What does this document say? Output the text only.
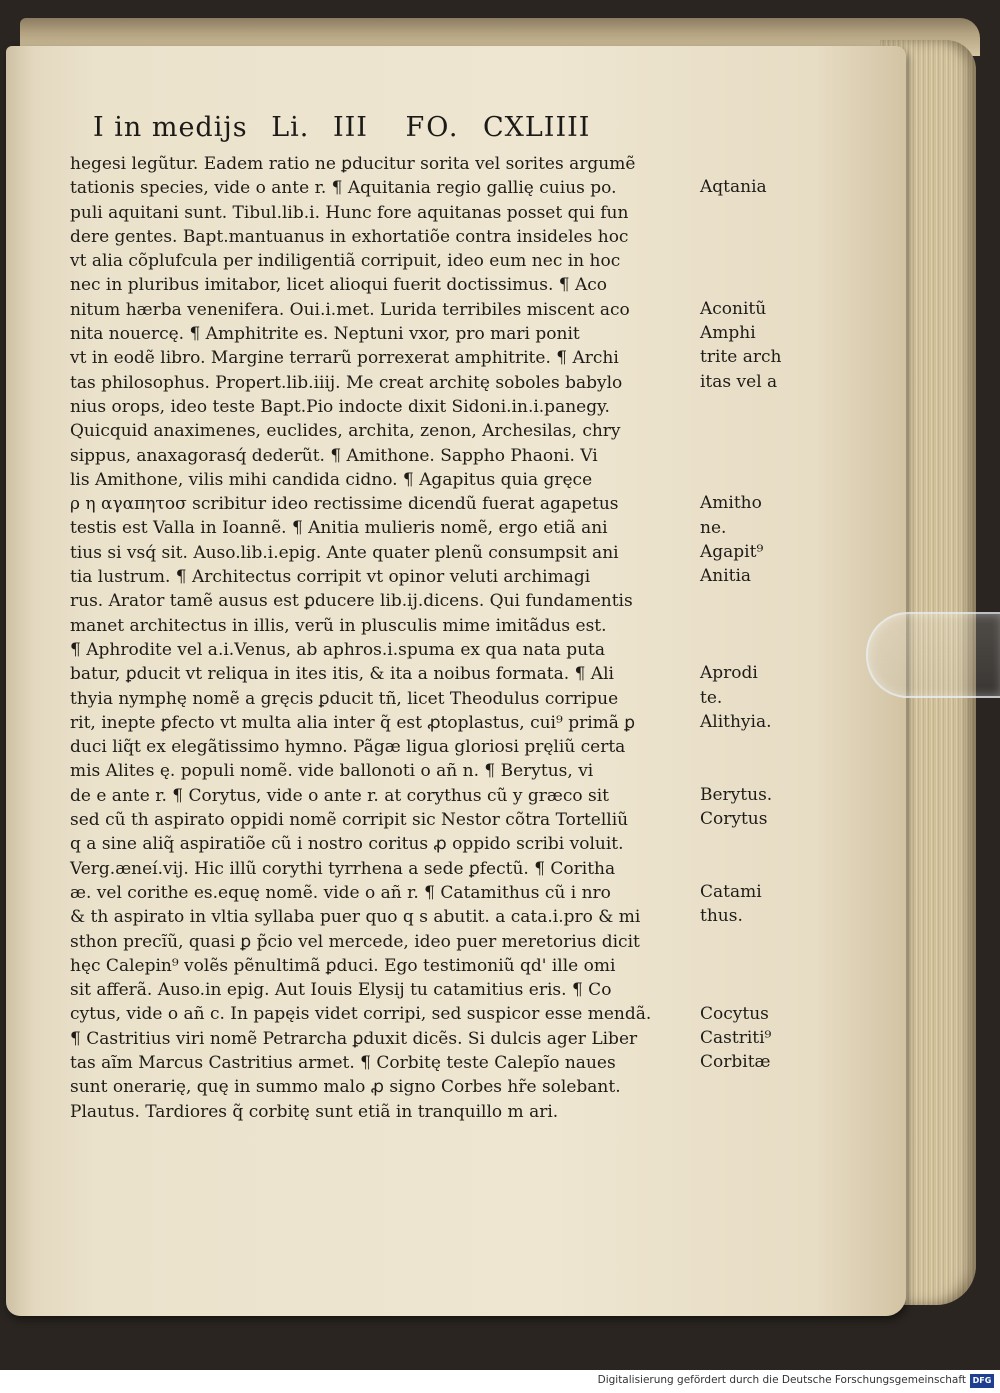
I in medijs Li. III FO. CXLIIII
hegesi legũtur. Eadem ratio ne ꝑducitur sorita vel sorites argumẽ
tationis species, vide o ante r. ¶ Aquitania regio gallię cuius po.
puli aquitani sunt. Tibul.lib.i. Hunc fore aquitanas posset qui fun
dere gentes. Bapt.mantuanus in exhortatiõe contra insideles hoc
vt alia cõplufcula per indiligentiã corripuit, ideo eum nec in hoc
nec in pluribus imitabor, licet alioqui fuerit doctissimus. ¶ Aco
nitum hærba venenifera. Oui.i.met. Lurida terribiles miscent aco
nita nouercę. ¶ Amphitrite es. Neptuni vxor, pro mari ponit
vt in eodẽ libro. Margine terrarũ porrexerat amphitrite. ¶ Archi
tas philosophus. Propert.lib.iiij. Me creat architę soboles babylo
nius orops, ideo teste Bapt.Pio indocte dixit Sidoni.in.i.panegy.
Quicquid anaximenes, euclides, archita, zenon, Archesilas, chry
sippus, anaxagorasq́ dederũt. ¶ Amithone. Sappho Phaoni. Vi
lis Amithone, vilis mihi candida cidno. ¶ Agapitus quia gręce
ρ η αγαπητοσ scribitur ideo rectissime dicendũ fuerat agapetus
testis est Valla in Ioannẽ. ¶ Anitia mulieris nomẽ, ergo etiã ani
tius si vsq́ sit. Auso.lib.i.epig. Ante quater plenũ consumpsit ani
tia lustrum. ¶ Architectus corripit vt opinor veluti archimagi
rus. Arator tamẽ ausus est ꝑducere lib.ij.dicens. Qui fundamentis
manet architectus in illis, verũ in plusculis mime imitãdus est.
¶ Aphrodite vel a.i.Venus, ab aphros.i.spuma ex qua nata puta
batur, ꝑducit vt reliqua in ites itis, & ita a noibus formata. ¶ Ali
thyia nymphę nomẽ a gręcis ꝑducit tñ, licet Theodulus corripue
rit, inepte ꝑfecto vt multa alia inter q̃ est ꝓtoplastus, cui⁹ primã ꝑ
duci liq̃t ex elegãtissimo hymno. Pãgæ ligua gloriosi pręliũ certa
mis Alites ę. populi nomẽ. vide ballonoti o añ n. ¶ Berytus, vi
de e ante r. ¶ Corytus, vide o ante r. at corythus cũ y græco sit
sed cũ th aspirato oppidi nomẽ corripit sic Nestor cõtra Tortelliũ
q a sine aliq̃ aspiratiõe cũ i nostro coritus ꝓ oppido scribi voluit.
Verg.æneí.vij. Hic illũ corythi tyrrhena a sede ꝑfectũ. ¶ Coritha
æ. vel corithe es.equę nomẽ. vide o añ r. ¶ Catamithus cũ i nro
& th aspirato in vltia syllaba puer quo q s abutit. a cata.i.pro & mi
sthon precĩũ, quasi ꝑ p̃cio vel mercede, ideo puer meretorius dicit
hęc Calepin⁹ volẽs pẽnultimã ꝑduci. Ego testimoniũ qd' ille omi
sit afferã. Auso.in epig. Aut Iouis Elysij tu catamitius eris. ¶ Co
cytus, vide o añ c. In papęis videt corripi, sed suspicor esse mendã.
¶ Castritius viri nomẽ Petrarcha ꝑduxit dicẽs. Si dulcis ager Liber
tas aĩm Marcus Castritius armet. ¶ Corbitę teste Calepĩo naues
sunt onerarię, quę in summo malo ꝓ signo Corbes hr̃e solebant.
Plautus. Tardiores q̃ corbitę sunt etiã in tranquillo m ari.
Aqtania
Aconitũ
Amphi
trite arch
itas vel a
Amitho
ne.
Agapit⁹
Anitia
Aprodi
te.
Alithyia.
Berytus.
Corytus
Catami
thus.
Cocytus
Castriti⁹
Corbitæ
Digitalisierung gefördert durch die Deutsche Forschungsgemeinschaft DFG
